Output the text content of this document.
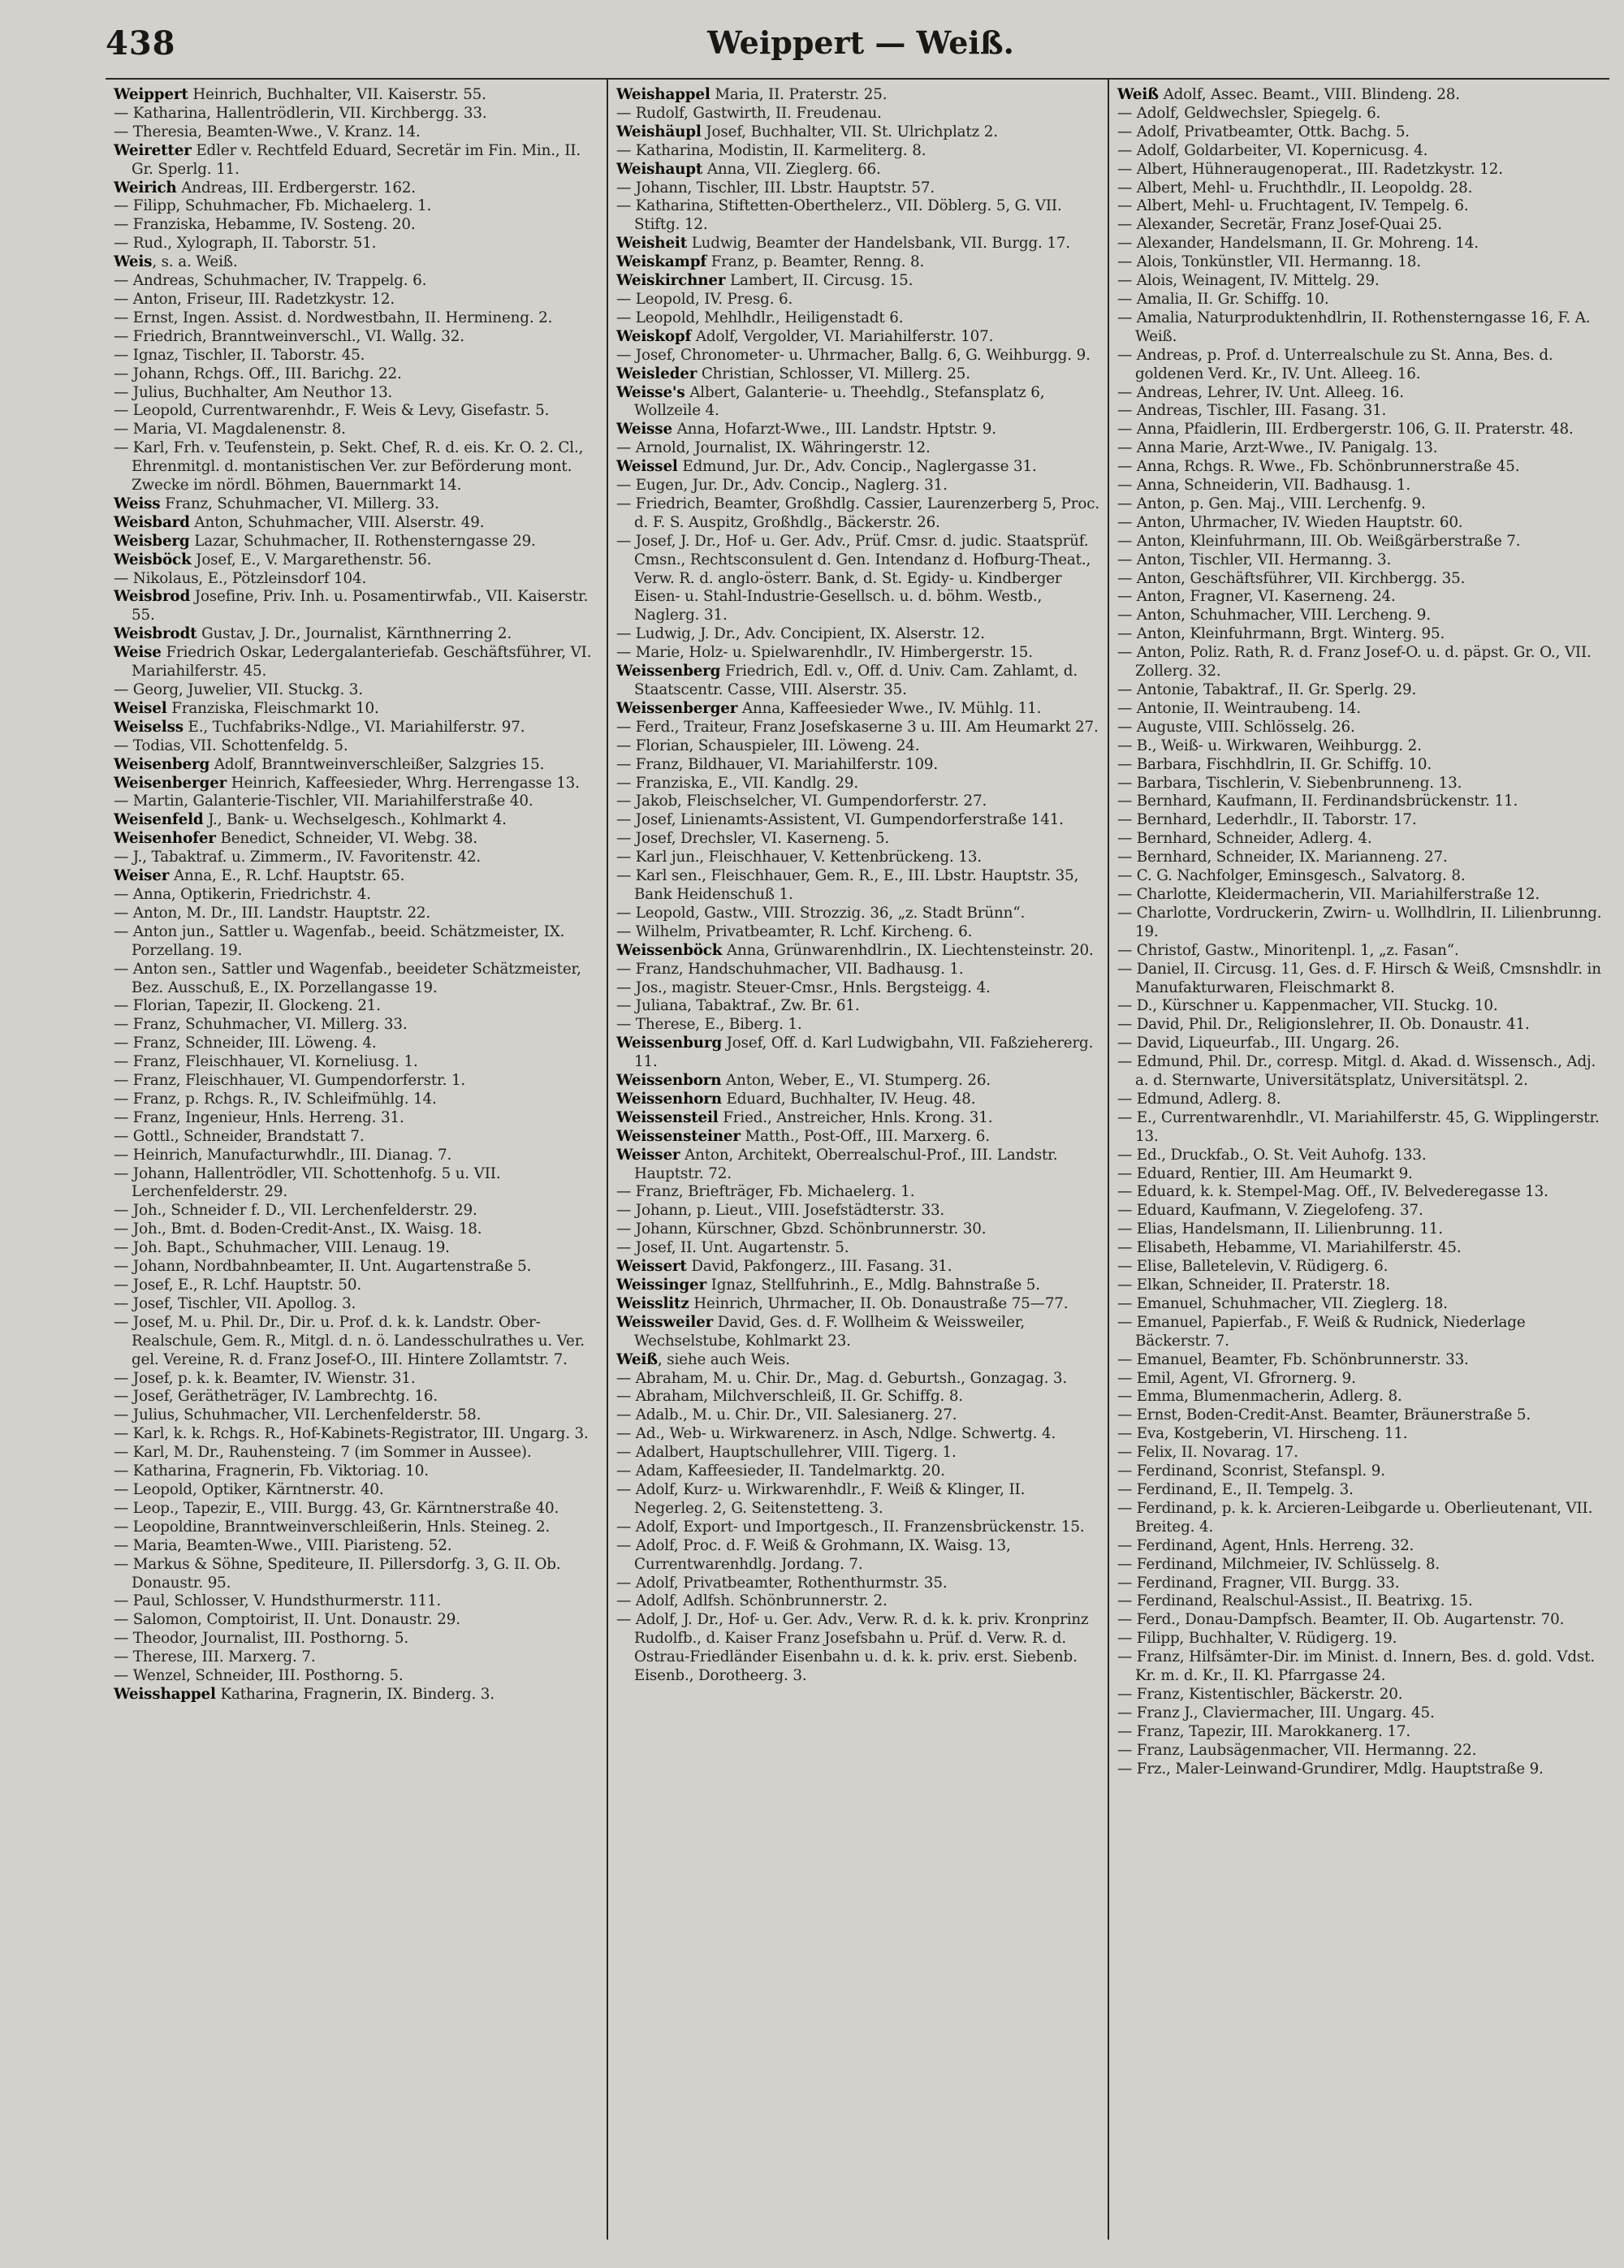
438	Weippert — Weiß.
Weippert Heinrich, Buchhalter, VII. Kaiserstr. 55.
— Katharina, Hallentrödlerin, VII. Kirchbergg. 33.
— Theresia, Beamten-Wwe., V. Kranz. 14.
Weiretter Edler v. Rechtfeld Eduard, Secretär im Fin. Min., II. Gr. Sperlg. 11.
Weirich Andreas, III. Erdbergerstr. 162.
— Filipp, Schuhmacher, Fb. Michaelerg. 1.
— Franziska, Hebamme, IV. Sosteng. 20.
— Rud., Xylograph, II. Taborstr. 51.
Weis, s. a. Weiß.
— Andreas, Schuhmacher, IV. Trappelg. 6.
— Anton, Friseur, III. Radetzkystr. 12.
— Ernst, Ingen. Assist. d. Nordwestbahn, II. Hermineng. 2.
— Friedrich, Branntweinverschl., VI. Wallg. 32.
— Ignaz, Tischler, II. Taborstr. 45.
— Johann, Rchgs. Off., III. Barichg. 22.
— Julius, Buchhalter, Am Neuthor 13.
— Leopold, Currentwarenhdr., F. Weis & Levy, Gisefastr. 5.
— Maria, VI. Magdalenenstr. 8.
— Karl, Frh. v. Teufenstein, p. Sekt. Chef, R. d. eis. Kr. O. 2. Cl., Ehrenmitgl. d. montanistischen Ver. zur Beförderung mont. Zwecke im nördl. Böhmen, Bauernmarkt 14.
Weiss Franz, Schuhmacher, VI. Millerg. 33.
Weisbard Anton, Schuhmacher, VIII. Alserstr. 49.
Weisberg Lazar, Schuhmacher, II. Rothensterngasse 29.
Weisböck Josef, E., V. Margarethenstr. 56.
— Nikolaus, E., Pötzleinsdorf 104.
Weisbrod Josefine, Priv. Inh. u. Posamentirwfab., VII. Kaiserstr. 55.
Weisbrodt Gustav, J. Dr., Journalist, Kärnthnerring 2.
Weise Friedrich Oskar, Ledergalanteriefab. Geschäftsführer, VI. Mariahilferstr. 45.
— Georg, Juwelier, VII. Stuckg. 3.
Weisel Franziska, Fleischmarkt 10.
Weiselss E., Tuchfabriks-Ndlge., VI. Mariahilferstr. 97.
— Todias, VII. Schottenfeldg. 5.
Weisenberg Adolf, Branntweinverschleißer, Salzgries 15.
Weisenberger Heinrich, Kaffeesieder, Whrg. Herrengasse 13.
— Martin, Galanterie-Tischler, VII. Mariahilferstraße 40.
Weisenfeld J., Bank- u. Wechselgesch., Kohlmarkt 4.
Weisenhofer Benedict, Schneider, VI. Webg. 38.
— J., Tabaktraf. u. Zimmerm., IV. Favoritenstr. 42.
Weiser Anna, E., R. Lchf. Hauptstr. 65.
— Anna, Optikerin, Friedrichstr. 4.
— Anton, M. Dr., III. Landstr. Hauptstr. 22.
— Anton jun., Sattler u. Wagenfab., beeid. Schätzmeister, IX. Porzellang. 19.
— Anton sen., Sattler und Wagenfab., beeideter Schätzmeister, Bez. Ausschuß, E., IX. Porzellangasse 19.
— Florian, Tapezir, II. Glockeng. 21.
— Franz, Schuhmacher, VI. Millerg. 33.
— Franz, Schneider, III. Löweng. 4.
— Franz, Fleischhauer, VI. Korneliusg. 1.
— Franz, Fleischhauer, VI. Gumpendorferstr. 1.
— Franz, p. Rchgs. R., IV. Schleifmühlg. 14.
— Franz, Ingenieur, Hnls. Herreng. 31.
— Gottl., Schneider, Brandstatt 7.
— Heinrich, Manufacturwhdlr., III. Dianag. 7.
— Johann, Hallentrödler, VII. Schottenhofg. 5 u. VII. Lerchenfelderstr. 29.
— Joh., Schneider f. D., VII. Lerchenfelderstr. 29.
— Joh., Bmt. d. Boden-Credit-Anst., IX. Waisg. 18.
— Joh. Bapt., Schuhmacher, VIII. Lenaug. 19.
— Johann, Nordbahnbeamter, II. Unt. Augartenstraße 5.
— Josef, E., R. Lchf. Hauptstr. 50.
— Josef, Tischler, VII. Apollog. 3.
— Josef, M. u. Phil. Dr., Dir. u. Prof. d. k. k. Landstr. Ober-Realschule, Gem. R., Mitgl. d. n. ö. Landesschulrathes u. Ver. gel. Vereine, R. d. Franz Josef-O., III. Hintere Zollamtstr. 7.
— Josef, p. k. k. Beamter, IV. Wienstr. 31.
— Josef, Gerätheträger, IV. Lambrechtg. 16.
— Julius, Schuhmacher, VII. Lerchenfelderstr. 58.
— Karl, k. k. Rchgs. R., Hof-Kabinets-Registrator, III. Ungarg. 3.
— Karl, M. Dr., Rauhensteing. 7 (im Sommer in Aussee).
— Katharina, Fragnerin, Fb. Viktoriag. 10.
— Leopold, Optiker, Kärntnerstr. 40.
— Leop., Tapezir, E., VIII. Burgg. 43, Gr. Kärntnerstraße 40.
— Leopoldine, Branntweinverschleißerin, Hnls. Steineg. 2.
— Maria, Beamten-Wwe., VIII. Piaristeng. 52.
— Markus & Söhne, Spediteure, II. Pillersdorfg. 3, G. II. Ob. Donaustr. 95.
— Paul, Schlosser, V. Hundsthurmerstr. 111.
— Salomon, Comptoirist, II. Unt. Donaustr. 29.
— Theodor, Journalist, III. Posthorng. 5.
— Therese, III. Marxerg. 7.
— Wenzel, Schneider, III. Posthorng. 5.
Weisshappel Katharina, Fragnerin, IX. Binderg. 3.
Weishappel Maria, II. Praterstr. 25.
— Rudolf, Gastwirth, II. Freudenau.
Weishäupl Josef, Buchhalter, VII. St. Ulrichplatz 2.
— Katharina, Modistin, II. Karmeliterg. 8.
Weishaupt Anna, VII. Zieglerg. 66.
— Johann, Tischler, III. Lbstr. Hauptstr. 57.
— Katharina, Stiftetten-Oberthelerz., VII. Döblerg. 5, G. VII. Stiftg. 12.
Weisheit Ludwig, Beamter der Handelsbank, VII. Burgg. 17.
Weiskampf Franz, p. Beamter, Renng. 8.
Weiskirchner Lambert, II. Circusg. 15.
— Leopold, IV. Presg. 6.
— Leopold, Mehlhdlr., Heiligenstadt 6.
Weiskopf Adolf, Vergolder, VI. Mariahilferstr. 107.
— Josef, Chronometer- u. Uhrmacher, Ballg. 6, G. Weihburgg. 9.
Weisleder Christian, Schlosser, VI. Millerg. 25.
Weisse's Albert, Galanterie- u. Theehdlg., Stefansplatz 6, Wollzeile 4.
Weisse Anna, Hofarzt-Wwe., III. Landstr. Hptstr. 9.
— Arnold, Journalist, IX. Währingerstr. 12.
Weissel Edmund, Jur. Dr., Adv. Concip., Naglergasse 31.
— Eugen, Jur. Dr., Adv. Concip., Naglerg. 31.
— Friedrich, Beamter, Großhdlg. Cassier, Laurenzerberg 5, Proc. d. F. S. Auspitz, Großhdlg., Bäckerstr. 26.
— Josef, J. Dr., Hof- u. Ger. Adv., Prüf. Cmsr. d. judic. Staatsprüf. Cmsn., Rechtsconsulent d. Gen. Intendanz d. Hofburg-Theat., Verw. R. d. anglo-österr. Bank, d. St. Egidy- u. Kindberger Eisen- u. Stahl-Industrie-Gesellsch. u. d. böhm. Westb., Naglerg. 31.
— Ludwig, J. Dr., Adv. Concipient, IX. Alserstr. 12.
— Marie, Holz- u. Spielwarenhdlr., IV. Himbergerstr. 15.
Weissenberg Friedrich, Edl. v., Off. d. Univ. Cam. Zahlamt, d. Staatscentr. Casse, VIII. Alserstr. 35.
Weissenberger Anna, Kaffeesieder Wwe., IV. Mühlg. 11.
— Ferd., Traiteur, Franz Josefskaserne 3 u. III. Am Heumarkt 27.
— Florian, Schauspieler, III. Löweng. 24.
— Franz, Bildhauer, VI. Mariahilferstr. 109.
— Franziska, E., VII. Kandlg. 29.
— Jakob, Fleischselcher, VI. Gumpendorferstr. 27.
— Josef, Linienamts-Assistent, VI. Gumpendorferstraße 141.
— Josef, Drechsler, VI. Kaserneng. 5.
— Karl jun., Fleischhauer, V. Kettenbrückeng. 13.
— Karl sen., Fleischhauer, Gem. R., E., III. Lbstr. Hauptstr. 35, Bank Heidenschuß 1.
— Leopold, Gastw., VIII. Strozzig. 36, „z. Stadt Brünn“.
— Wilhelm, Privatbeamter, R. Lchf. Kircheng. 6.
Weissenböck Anna, Grünwarenhdlrin., IX. Liechtensteinstr. 20.
— Franz, Handschuhmacher, VII. Badhausg. 1.
— Jos., magistr. Steuer-Cmsr., Hnls. Bergsteigg. 4.
— Juliana, Tabaktraf., Zw. Br. 61.
— Therese, E., Biberg. 1.
Weissenburg Josef, Off. d. Karl Ludwigbahn, VII. Faßziehererg. 11.
Weissenborn Anton, Weber, E., VI. Stumperg. 26.
Weissenhorn Eduard, Buchhalter, IV. Heug. 48.
Weissensteil Fried., Anstreicher, Hnls. Krong. 31.
Weissensteiner Matth., Post-Off., III. Marxerg. 6.
Weisser Anton, Architekt, Oberrealschul-Prof., III. Landstr. Hauptstr. 72.
— Franz, Briefträger, Fb. Michaelerg. 1.
— Johann, p. Lieut., VIII. Josefstädterstr. 33.
— Johann, Kürschner, Gbzd. Schönbrunnerstr. 30.
— Josef, II. Unt. Augartenstr. 5.
Weissert David, Pakfongerz., III. Fasang. 31.
Weissinger Ignaz, Stellfuhrinh., E., Mdlg. Bahnstraße 5.
Weisslitz Heinrich, Uhrmacher, II. Ob. Donaustraße 75—77.
Weissweiler David, Ges. d. F. Wollheim & Weissweiler, Wechselstube, Kohlmarkt 23.
Weiß, siehe auch Weis.
— Abraham, M. u. Chir. Dr., Mag. d. Geburtsh., Gonzagag. 3.
— Abraham, Milchverschleiß, II. Gr. Schiffg. 8.
— Adalb., M. u. Chir. Dr., VII. Salesianerg. 27.
— Ad., Web- u. Wirkwarenerz. in Asch, Ndlge. Schwertg. 4.
— Adalbert, Hauptschullehrer, VIII. Tigerg. 1.
— Adam, Kaffeesieder, II. Tandelmarktg. 20.
— Adolf, Kurz- u. Wirkwarenhdlr., F. Weiß & Klinger, II. Negerleg. 2, G. Seitenstetteng. 3.
— Adolf, Export- und Importgesch., II. Franzensbrückenstr. 15.
— Adolf, Proc. d. F. Weiß & Grohmann, IX. Waisg. 13, Currentwarenhdlg. Jordang. 7.
— Adolf, Privatbeamter, Rothenthurmstr. 35.
— Adolf, Adlfsh. Schönbrunnerstr. 2.
— Adolf, J. Dr., Hof- u. Ger. Adv., Verw. R. d. k. k. priv. Kronprinz Rudolfb., d. Kaiser Franz Josefsbahn u. Prüf. d. Verw. R. d. Ostrau-Friedländer Eisenbahn u. d. k. k. priv. erst. Siebenb. Eisenb., Dorotheerg. 3.
Weiß Adolf, Assec. Beamt., VIII. Blindeng. 28.
— Adolf, Geldwechsler, Spiegelg. 6.
— Adolf, Privatbeamter, Ottk. Bachg. 5.
— Adolf, Goldarbeiter, VI. Kopernicusg. 4.
— Albert, Hühneraugenoperat., III. Radetzkystr. 12.
— Albert, Mehl- u. Fruchthdlr., II. Leopoldg. 28.
— Albert, Mehl- u. Fruchtagent, IV. Tempelg. 6.
— Alexander, Secretär, Franz Josef-Quai 25.
— Alexander, Handelsmann, II. Gr. Mohreng. 14.
— Alois, Tonkünstler, VII. Hermanng. 18.
— Alois, Weinagent, IV. Mittelg. 29.
— Amalia, II. Gr. Schiffg. 10.
— Amalia, Naturproduktenhdlrin, II. Rothensterngasse 16, F. A. Weiß.
— Andreas, p. Prof. d. Unterrealschule zu St. Anna, Bes. d. goldenen Verd. Kr., IV. Unt. Alleeg. 16.
— Andreas, Lehrer, IV. Unt. Alleeg. 16.
— Andreas, Tischler, III. Fasang. 31.
— Anna, Pfaidlerin, III. Erdbergerstr. 106, G. II. Praterstr. 48.
— Anna Marie, Arzt-Wwe., IV. Panigalg. 13.
— Anna, Rchgs. R. Wwe., Fb. Schönbrunnerstraße 45.
— Anna, Schneiderin, VII. Badhausg. 1.
— Anton, p. Gen. Maj., VIII. Lerchenfg. 9.
— Anton, Uhrmacher, IV. Wieden Hauptstr. 60.
— Anton, Kleinfuhrmann, III. Ob. Weißgärberstraße 7.
— Anton, Tischler, VII. Hermanng. 3.
— Anton, Geschäftsführer, VII. Kirchbergg. 35.
— Anton, Fragner, VI. Kaserneng. 24.
— Anton, Schuhmacher, VIII. Lercheng. 9.
— Anton, Kleinfuhrmann, Brgt. Winterg. 95.
— Anton, Poliz. Rath, R. d. Franz Josef-O. u. d. päpst. Gr. O., VII. Zollerg. 32.
— Antonie, Tabaktraf., II. Gr. Sperlg. 29.
— Antonie, II. Weintraubeng. 14.
— Auguste, VIII. Schlösselg. 26.
— B., Weiß- u. Wirkwaren, Weihburgg. 2.
— Barbara, Fischhdlrin, II. Gr. Schiffg. 10.
— Barbara, Tischlerin, V. Siebenbrunneng. 13.
— Bernhard, Kaufmann, II. Ferdinandsbrückenstr. 11.
— Bernhard, Lederhdlr., II. Taborstr. 17.
— Bernhard, Schneider, Adlerg. 4.
— Bernhard, Schneider, IX. Marianneng. 27.
— C. G. Nachfolger, Eminsgesch., Salvatorg. 8.
— Charlotte, Kleidermacherin, VII. Mariahilferstraße 12.
— Charlotte, Vordruckerin, Zwirn- u. Wollhdlrin, II. Lilienbrunng. 19.
— Christof, Gastw., Minoritenpl. 1, „z. Fasan“.
— Daniel, II. Circusg. 11, Ges. d. F. Hirsch & Weiß, Cmsnshdlr. in Manufakturwaren, Fleischmarkt 8.
— D., Kürschner u. Kappenmacher, VII. Stuckg. 10.
— David, Phil. Dr., Religionslehrer, II. Ob. Donaustr. 41.
— David, Liqueurfab., III. Ungarg. 26.
— Edmund, Phil. Dr., corresp. Mitgl. d. Akad. d. Wissensch., Adj. a. d. Sternwarte, Universitätsplatz, Universitätspl. 2.
— Edmund, Adlerg. 8.
— E., Currentwarenhdlr., VI. Mariahilferstr. 45, G. Wipplingerstr. 13.
— Ed., Druckfab., O. St. Veit Auhofg. 133.
— Eduard, Rentier, III. Am Heumarkt 9.
— Eduard, k. k. Stempel-Mag. Off., IV. Belvederegasse 13.
— Eduard, Kaufmann, V. Ziegelofeng. 37.
— Elias, Handelsmann, II. Lilienbrunng. 11.
— Elisabeth, Hebamme, VI. Mariahilferstr. 45.
— Elise, Balletelevin, V. Rüdigerg. 6.
— Elkan, Schneider, II. Praterstr. 18.
— Emanuel, Schuhmacher, VII. Zieglerg. 18.
— Emanuel, Papierfab., F. Weiß & Rudnick, Niederlage Bäckerstr. 7.
— Emanuel, Beamter, Fb. Schönbrunnerstr. 33.
— Emil, Agent, VI. Gfrornerg. 9.
— Emma, Blumenmacherin, Adlerg. 8.
— Ernst, Boden-Credit-Anst. Beamter, Bräunerstraße 5.
— Eva, Kostgeberin, VI. Hirscheng. 11.
— Felix, II. Novarag. 17.
— Ferdinand, Sconrist, Stefanspl. 9.
— Ferdinand, E., II. Tempelg. 3.
— Ferdinand, p. k. k. Arcieren-Leibgarde u. Oberlieutenant, VII. Breiteg. 4.
— Ferdinand, Agent, Hnls. Herreng. 32.
— Ferdinand, Milchmeier, IV. Schlüsselg. 8.
— Ferdinand, Fragner, VII. Burgg. 33.
— Ferdinand, Realschul-Assist., II. Beatrixg. 15.
— Ferd., Donau-Dampfsch. Beamter, II. Ob. Augartenstr. 70.
— Filipp, Buchhalter, V. Rüdigerg. 19.
— Franz, Hilfsämter-Dir. im Minist. d. Innern, Bes. d. gold. Vdst. Kr. m. d. Kr., II. Kl. Pfarrgasse 24.
— Franz, Kistentischler, Bäckerstr. 20.
— Franz J., Claviermacher, III. Ungarg. 45.
— Franz, Tapezir, III. Marokkanerg. 17.
— Franz, Laubsägenmacher, VII. Hermanng. 22.
— Frz., Maler-Leinwand-Grundirer, Mdlg. Hauptstraße 9.
